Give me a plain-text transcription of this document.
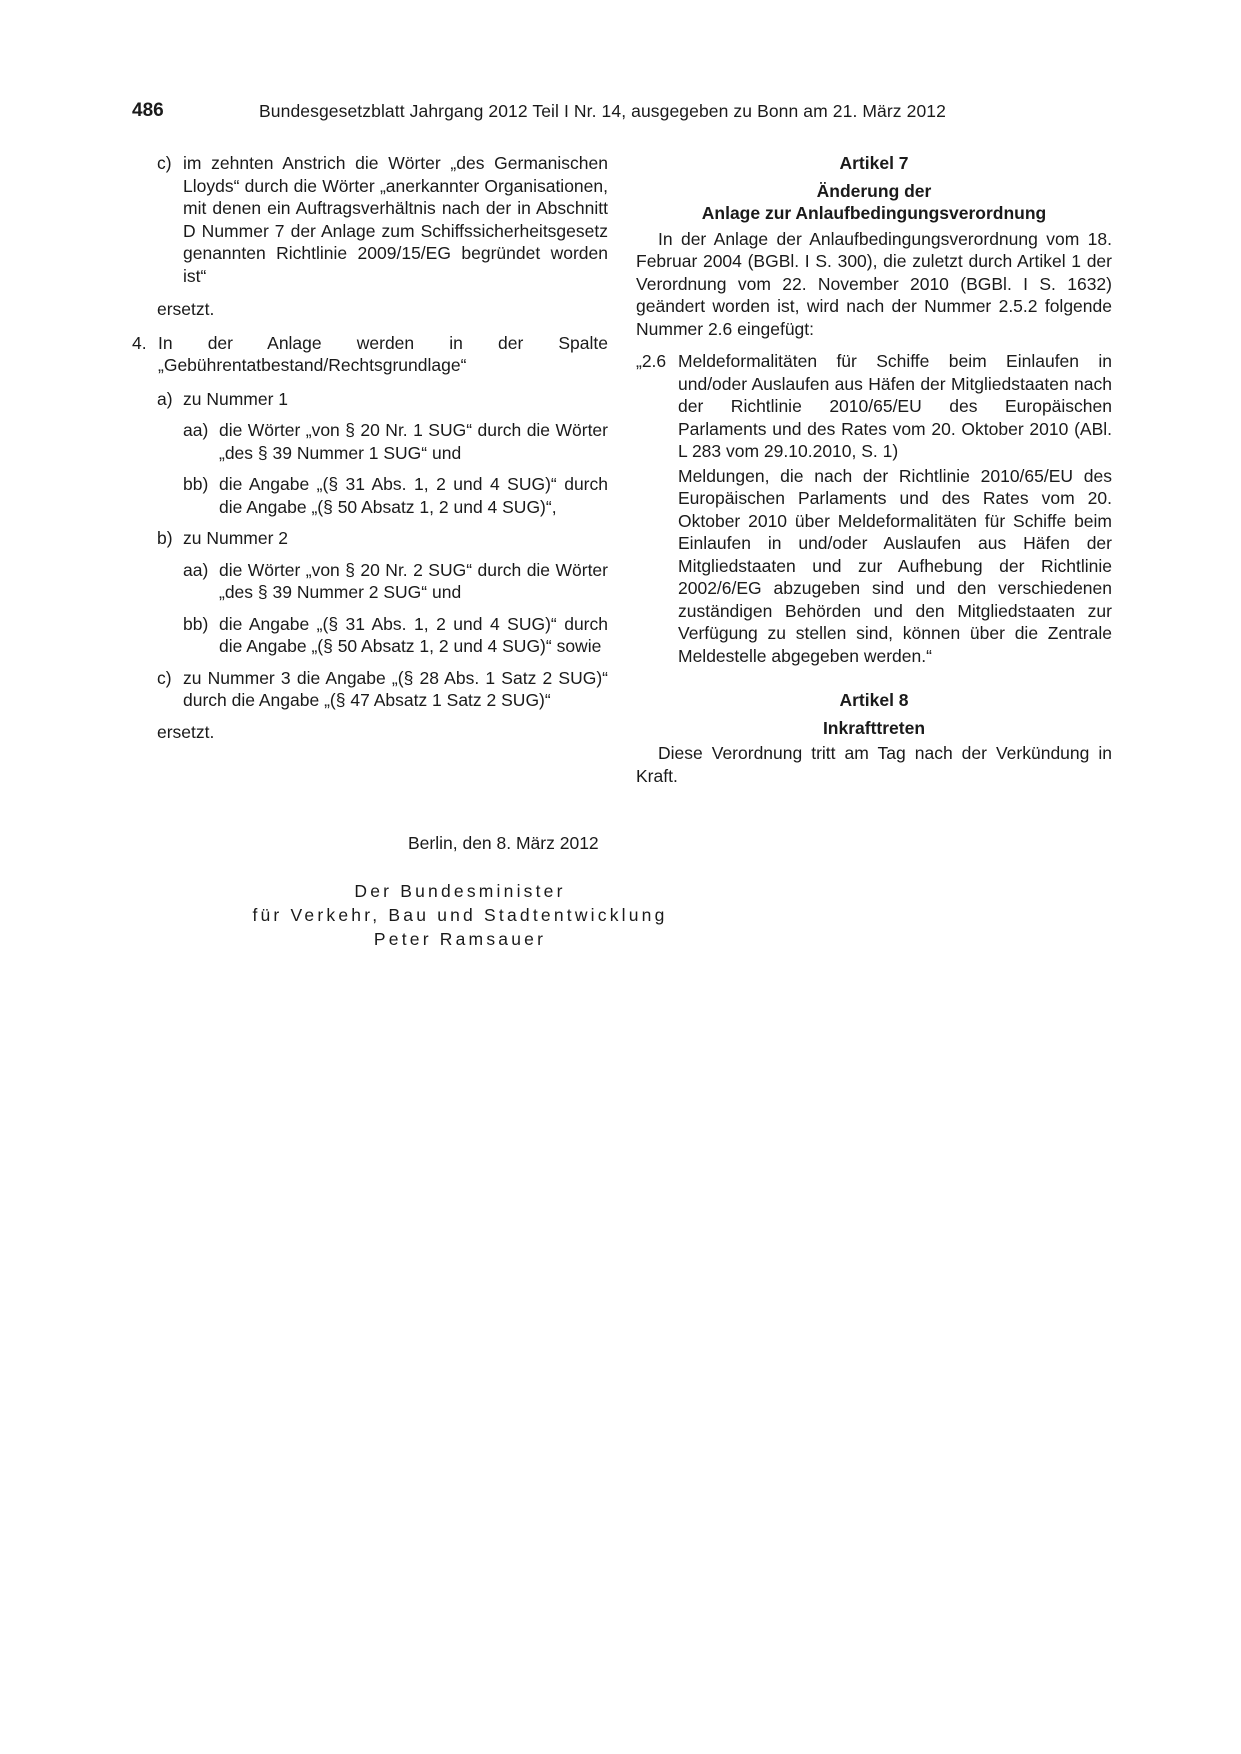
486	Bundesgesetzblatt Jahrgang 2012 Teil I Nr. 14, ausgegeben zu Bonn am 21. März 2012
c) im zehnten Anstrich die Wörter „des Germanischen Lloyds“ durch die Wörter „anerkannter Organisationen, mit denen ein Auftragsverhältnis nach der in Abschnitt D Nummer 7 der Anlage zum Schiffssicherheitsgesetz genannten Richtlinie 2009/15/EG begründet worden ist“
ersetzt.
4. In der Anlage werden in der Spalte „Gebührentatbestand/Rechtsgrundlage“
a) zu Nummer 1
aa) die Wörter „von § 20 Nr. 1 SUG“ durch die Wörter „des § 39 Nummer 1 SUG“ und
bb) die Angabe „(§ 31 Abs. 1, 2 und 4 SUG)“ durch die Angabe „(§ 50 Absatz 1, 2 und 4 SUG)“,
b) zu Nummer 2
aa) die Wörter „von § 20 Nr. 2 SUG“ durch die Wörter „des § 39 Nummer 2 SUG“ und
bb) die Angabe „(§ 31 Abs. 1, 2 und 4 SUG)“ durch die Angabe „(§ 50 Absatz 1, 2 und 4 SUG)“ sowie
c) zu Nummer 3 die Angabe „(§ 28 Abs. 1 Satz 2 SUG)“ durch die Angabe „(§ 47 Absatz 1 Satz 2 SUG)“
ersetzt.
Artikel 7
Änderung der
Anlage zur Anlaufbedingungsverordnung
In der Anlage der Anlaufbedingungsverordnung vom 18. Februar 2004 (BGBl. I S. 300), die zuletzt durch Artikel 1 der Verordnung vom 22. November 2010 (BGBl. I S. 1632) geändert worden ist, wird nach der Nummer 2.5.2 folgende Nummer 2.6 eingefügt:
„2.6 Meldeformalitäten für Schiffe beim Einlaufen in und/oder Auslaufen aus Häfen der Mitgliedstaaten nach der Richtlinie 2010/65/EU des Europäischen Parlaments und des Rates vom 20. Oktober 2010 (ABl. L 283 vom 29.10.2010, S. 1)
Meldungen, die nach der Richtlinie 2010/65/EU des Europäischen Parlaments und des Rates vom 20. Oktober 2010 über Meldeformalitäten für Schiffe beim Einlaufen in und/oder Auslaufen aus Häfen der Mitgliedstaaten und zur Aufhebung der Richtlinie 2002/6/EG abzugeben sind und den verschiedenen zuständigen Behörden und den Mitgliedstaaten zur Verfügung zu stellen sind, können über die Zentrale Meldestelle abgegeben werden.“
Artikel 8
Inkrafttreten
Diese Verordnung tritt am Tag nach der Verkündung in Kraft.
Berlin, den 8. März 2012
Der Bundesminister
für Verkehr, Bau und Stadtentwicklung
Peter Ramsauer
